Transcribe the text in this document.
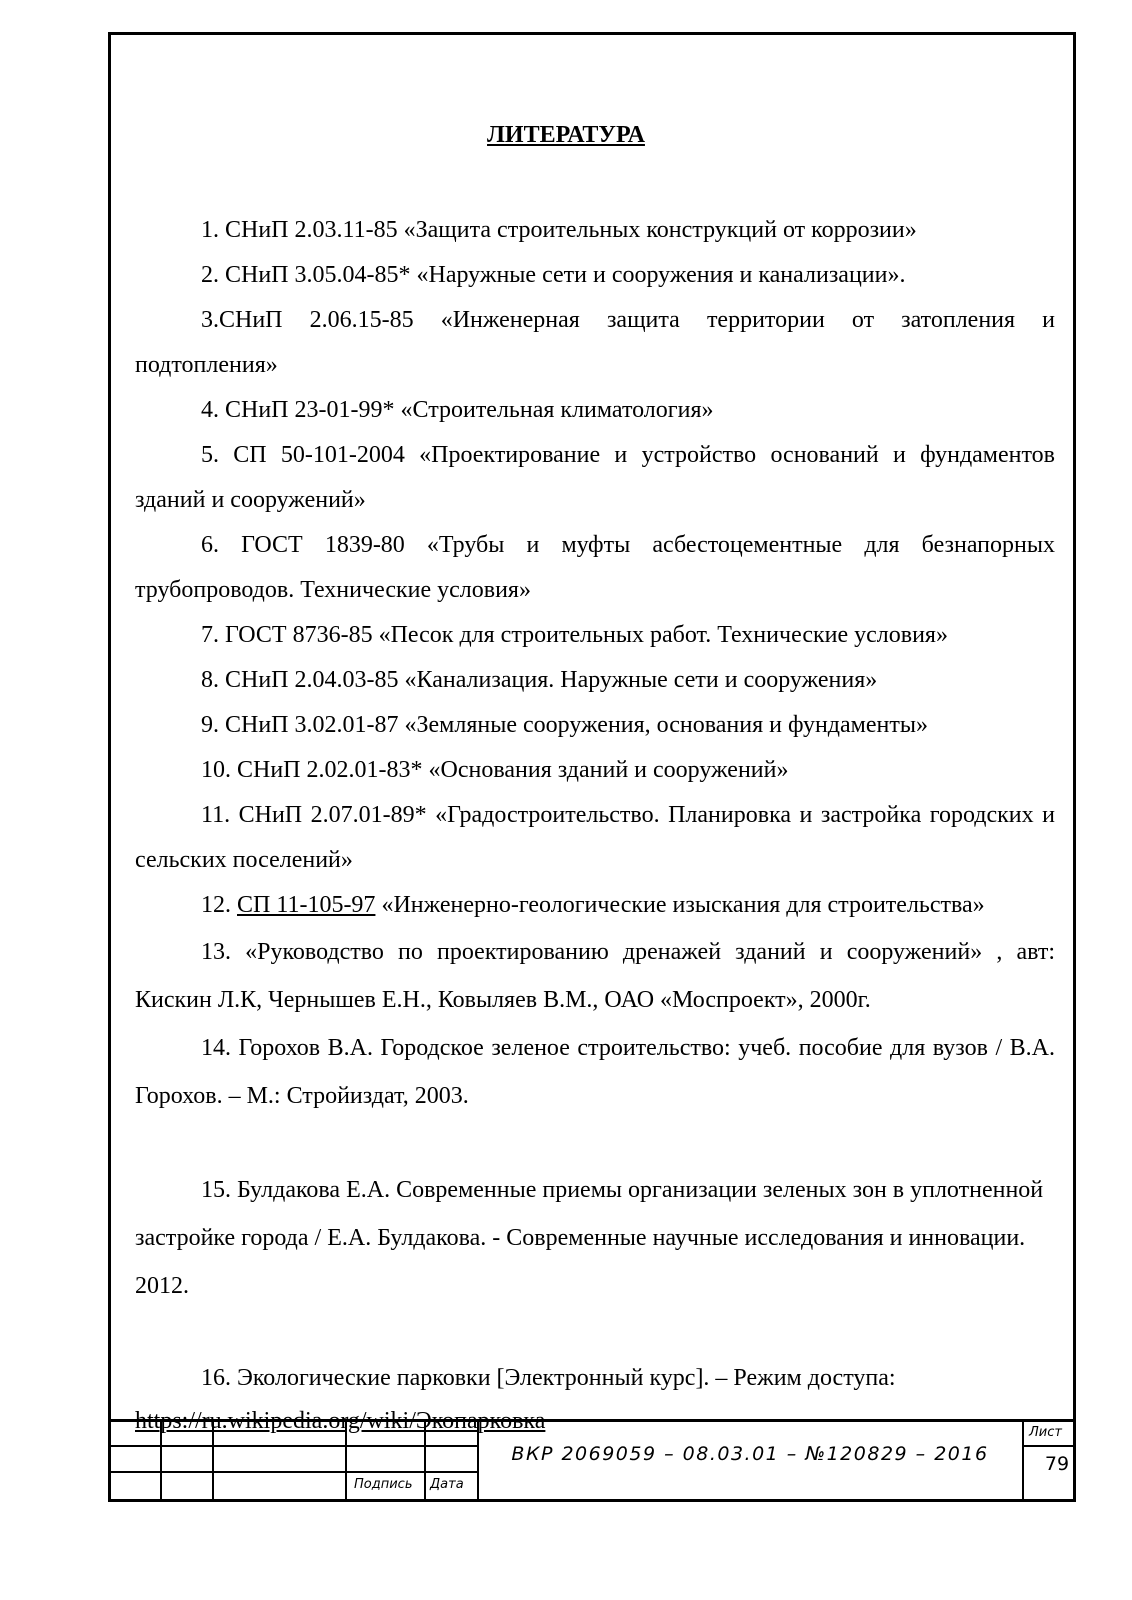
ЛИТЕРАТУРА

1. СНиП 2.03.11-85 «Защита строительных конструкций от коррозии»

2. СНиП 3.05.04-85* «Наружные сети и сооружения и канализации».

3.СНиП 2.06.15-85 «Инженерная защита территории от затопления и подтопления»

4. СНиП 23-01-99* «Строительная климатология»

5. СП 50-101-2004 «Проектирование и устройство оснований и фундаментов зданий и сооружений»

6. ГОСТ 1839-80 «Трубы и муфты асбестоцементные для безнапорных трубопроводов. Технические условия»

7. ГОСТ 8736-85 «Песок для строительных работ. Технические условия»

8. СНиП 2.04.03-85 «Канализация. Наружные сети и сооружения»

9. СНиП 3.02.01-87 «Земляные сооружения, основания и фундаменты»

10. СНиП 2.02.01-83* «Основания зданий и сооружений»

11. СНиП 2.07.01-89* «Градостроительство. Планировка и застройка городских и сельских поселений»

12. СП 11-105-97 «Инженерно-геологические изыскания для строительства»

13. «Руководство по проектированию дренажей зданий и сооружений» , авт: Кискин Л.К, Чернышев Е.Н., Ковыляев В.М., ОАО «Моспроект», 2000г.

14. Горохов В.А. Городское зеленое строительство: учеб. пособие для вузов / В.А. Горохов. – М.: Стройиздат, 2003.

15. Булдакова Е.А. Современные приемы организации зеленых зон в уплотненной застройке города / Е.А. Булдакова. - Современные научные исследования и инновации. 2012.

16. Экологические парковки [Электронный курс]. – Режим доступа:

https://ru.wikipedia.org/wiki/Экопарковка

Подпись Дата
ВКР 2069059 – 08.03.01 – №120829 – 2016
Лист
79
